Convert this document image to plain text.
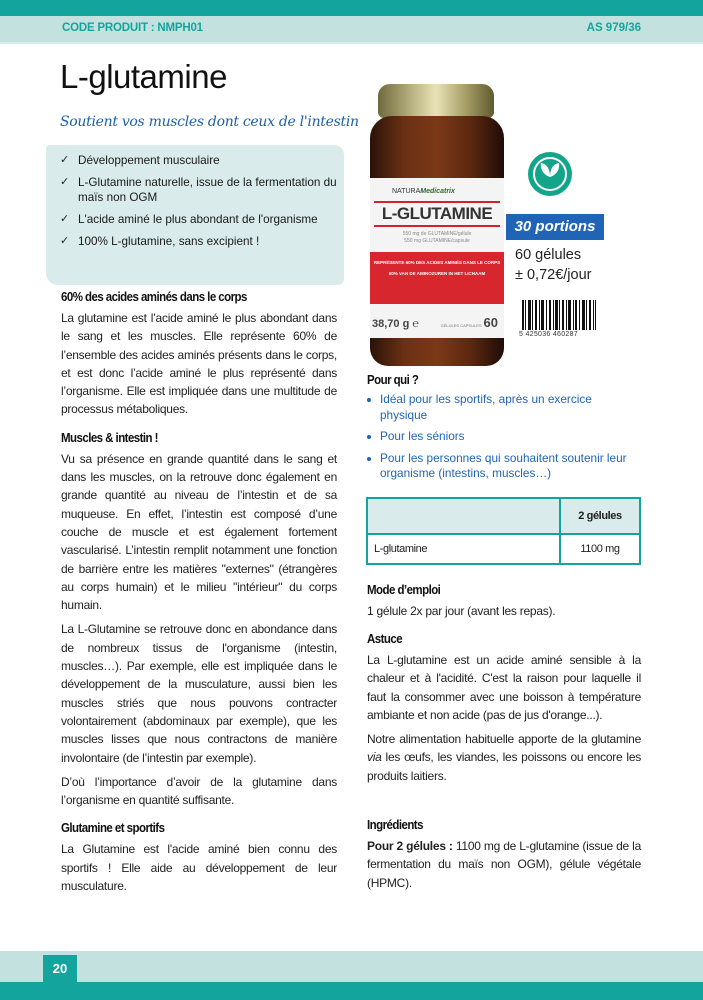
CODE PRODUIT : NMPH01	AS 979/36
L-glutamine
Soutient vos muscles dont ceux de l'intestin
✓ Développement musculaire
✓ L-Glutamine naturelle, issue de la fermentation du maïs non OGM
✓ L'acide aminé le plus abondant de l'organisme
✓ 100% L-glutamine, sans excipient !
60% des acides aminés dans le corps

La glutamine est l’acide aminé le plus abondant dans le sang et les muscles. Elle représente 60% de l’ensemble des acides aminés présents dans le corps, et est donc l’acide aminé le plus représenté dans l’organisme. Elle est impliquée dans une multitude de processus métaboliques.

Muscles & intestin !

Vu sa présence en grande quantité dans le sang et dans les muscles, on la retrouve donc également en grande quantité au niveau de l’intestin et de sa muqueuse. En effet, l’intestin est composé d’une couche de muscle et est également fortement vascularisé. L’intestin remplit notamment une fonction de barrière entre les matières "externes" (étrangères au corps humain) et le milieu "intérieur" du corps humain.

La L-Glutamine se retrouve donc en abondance dans de nombreux tissus de l'organisme (intestin, muscles…). Par exemple, elle est impliquée dans le développement de la musculature, aussi bien les muscles striés que nous pouvons contracter volontairement (abdominaux par exemple), que les muscles lisses que nous contractons de manière involontaire (de l’intestin par exemple).

D’où l’importance d’avoir de la glutamine dans l’organisme en quantité suffisante.

Glutamine et sportifs

La Glutamine est l'acide aminé bien connu des sportifs ! Elle aide au développement de leur musculature.

NATURAMedicatrix
L-GLUTAMINE
550 mg de GLUTAMINE/gélule
550 mg GLUTAMINE/capsule
REPRÉSENTE 60% DES ACIDES AMINÉS DANS LE CORPS
60% VAN DE AMINOZUREN IN HET LICHAAM
38,70 g ℮	GÉLULES CAPSULES 60
30 portions
60 gélules
± 0,72€/jour
5 425036 460287
Pour qui ?
Idéal pour les sportifs, après un exercice physique
Pour les séniors
Pour les personnes qui souhaitent soutenir leur organisme (intestins, muscles…)
	2 gélules
L-glutamine	1100 mg
Mode d’emploi

1 gélule 2x par jour (avant les repas).

Astuce

La L-glutamine est un acide aminé sensible à la chaleur et à l'acidité. C'est la raison pour laquelle il faut la consommer avec une boisson à température ambiante et non acide (pas de jus d'orange...).

Notre alimentation habituelle apporte de la glutamine via les œufs, les viandes, les poissons ou encore les produits laitiers.

Ingrédients

Pour 2 gélules : 1100 mg de L-glutamine (issue de la fermentation du maïs non OGM), gélule végétale (HPMC).

20
